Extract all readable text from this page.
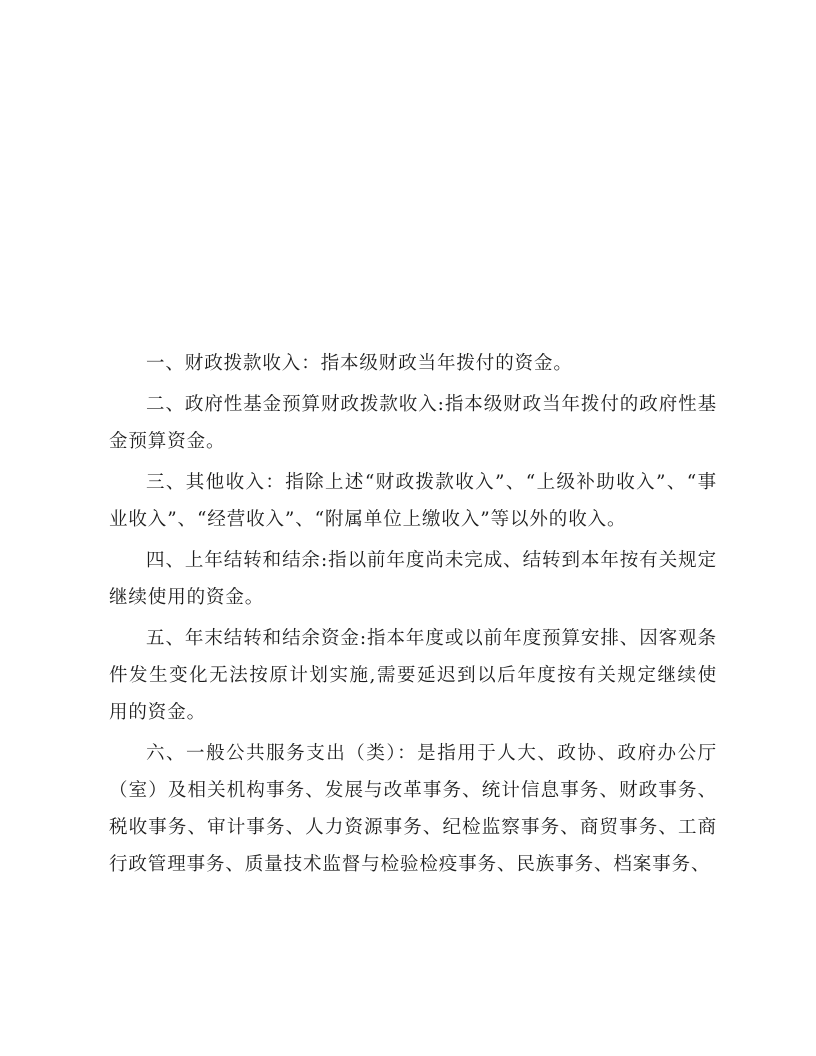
一、财政拨款收入：指本级财政当年拨付的资金。

二、政府性基金预算财政拨款收入:指本级财政当年拨付的政府性基金预算资金。

三、其他收入：指除上述“财政拨款收入”、“上级补助收入”、“事业收入”、“经营收入”、“附属单位上缴收入”等以外的收入。

四、上年结转和结余:指以前年度尚未完成、结转到本年按有关规定继续使用的资金。

五、年末结转和结余资金:指本年度或以前年度预算安排、因客观条件发生变化无法按原计划实施,需要延迟到以后年度按有关规定继续使用的资金。

六、一般公共服务支出（类）：是指用于人大、政协、政府办公厅（室）及相关机构事务、发展与改革事务、统计信息事务、财政事务、税收事务、审计事务、人力资源事务、纪检监察事务、商贸事务、工商行政管理事务、质量技术监督与检验检疫事务、民族事务、档案事务、
